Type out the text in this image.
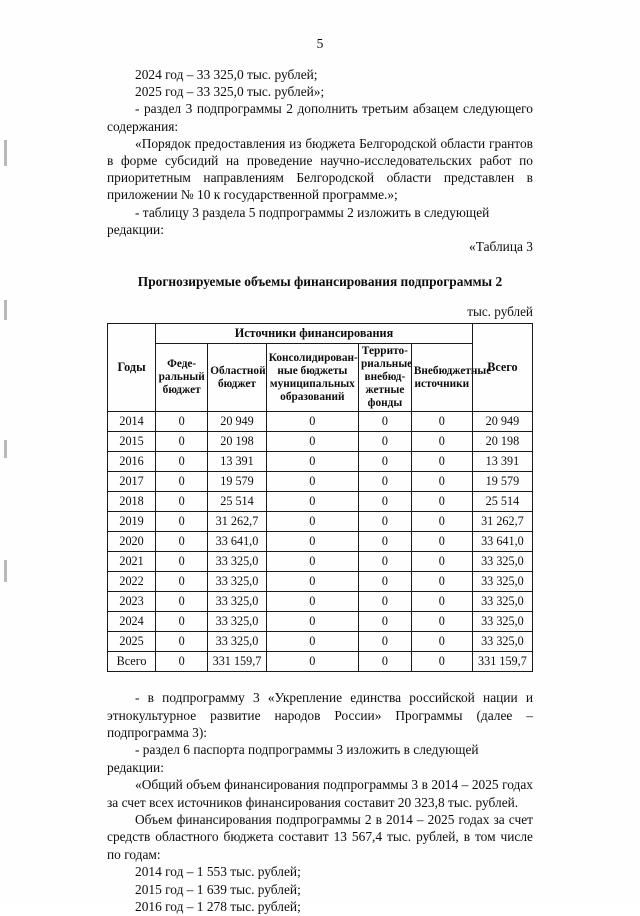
5

2024 год – 33 325,0 тыс. рублей;

2025 год – 33 325,0 тыс. рублей»;

- раздел 3 подпрограммы 2 дополнить третьим абзацем следующего содержания:

«Порядок предоставления из бюджета Белгородской области грантов в форме субсидий на проведение научно-исследовательских работ по приоритетным направлениям Белгородской области представлен в приложении № 10 к государственной программе.»;

- таблицу 3 раздела 5 подпрограммы 2 изложить в следующей редакции:

«Таблица 3

Прогнозируемые объемы финансирования подпрограммы 2
тыс. рублей
Годы	Источники финансирования					Всего
	Феде-
ральный
бюджет	Областной
бюджет	Консолидирован-
ные бюджеты
муниципальных
образований	Террито-
риальные
внебюд-
жетные
фонды	Внебюджетные
источники	
2014	0	20 949	0	0	0	20 949
2015	0	20 198	0	0	0	20 198
2016	0	13 391	0	0	0	13 391
2017	0	19 579	0	0	0	19 579
2018	0	25 514	0	0	0	25 514
2019	0	31 262,7	0	0	0	31 262,7
2020	0	33 641,0	0	0	0	33 641,0
2021	0	33 325,0	0	0	0	33 325,0
2022	0	33 325,0	0	0	0	33 325,0
2023	0	33 325,0	0	0	0	33 325,0
2024	0	33 325,0	0	0	0	33 325,0
2025	0	33 325,0	0	0	0	33 325,0
Всего	0	331 159,7	0	0	0	331 159,7

- в подпрограмму 3 «Укрепление единства российской нации и этнокультурное развитие народов России» Программы (далее – подпрограмма 3):

- раздел 6 паспорта подпрограммы 3 изложить в следующей редакции:

«Общий объем финансирования подпрограммы 3 в 2014 – 2025 годах за счет всех источников финансирования составит 20 323,8 тыс. рублей.

Объем финансирования подпрограммы 2 в 2014 – 2025 годах за счет средств областного бюджета составит 13 567,4 тыс. рублей, в том числе по годам:

2014 год – 1 553 тыс. рублей;

2015 год – 1 639 тыс. рублей;

2016 год – 1 278 тыс. рублей;
